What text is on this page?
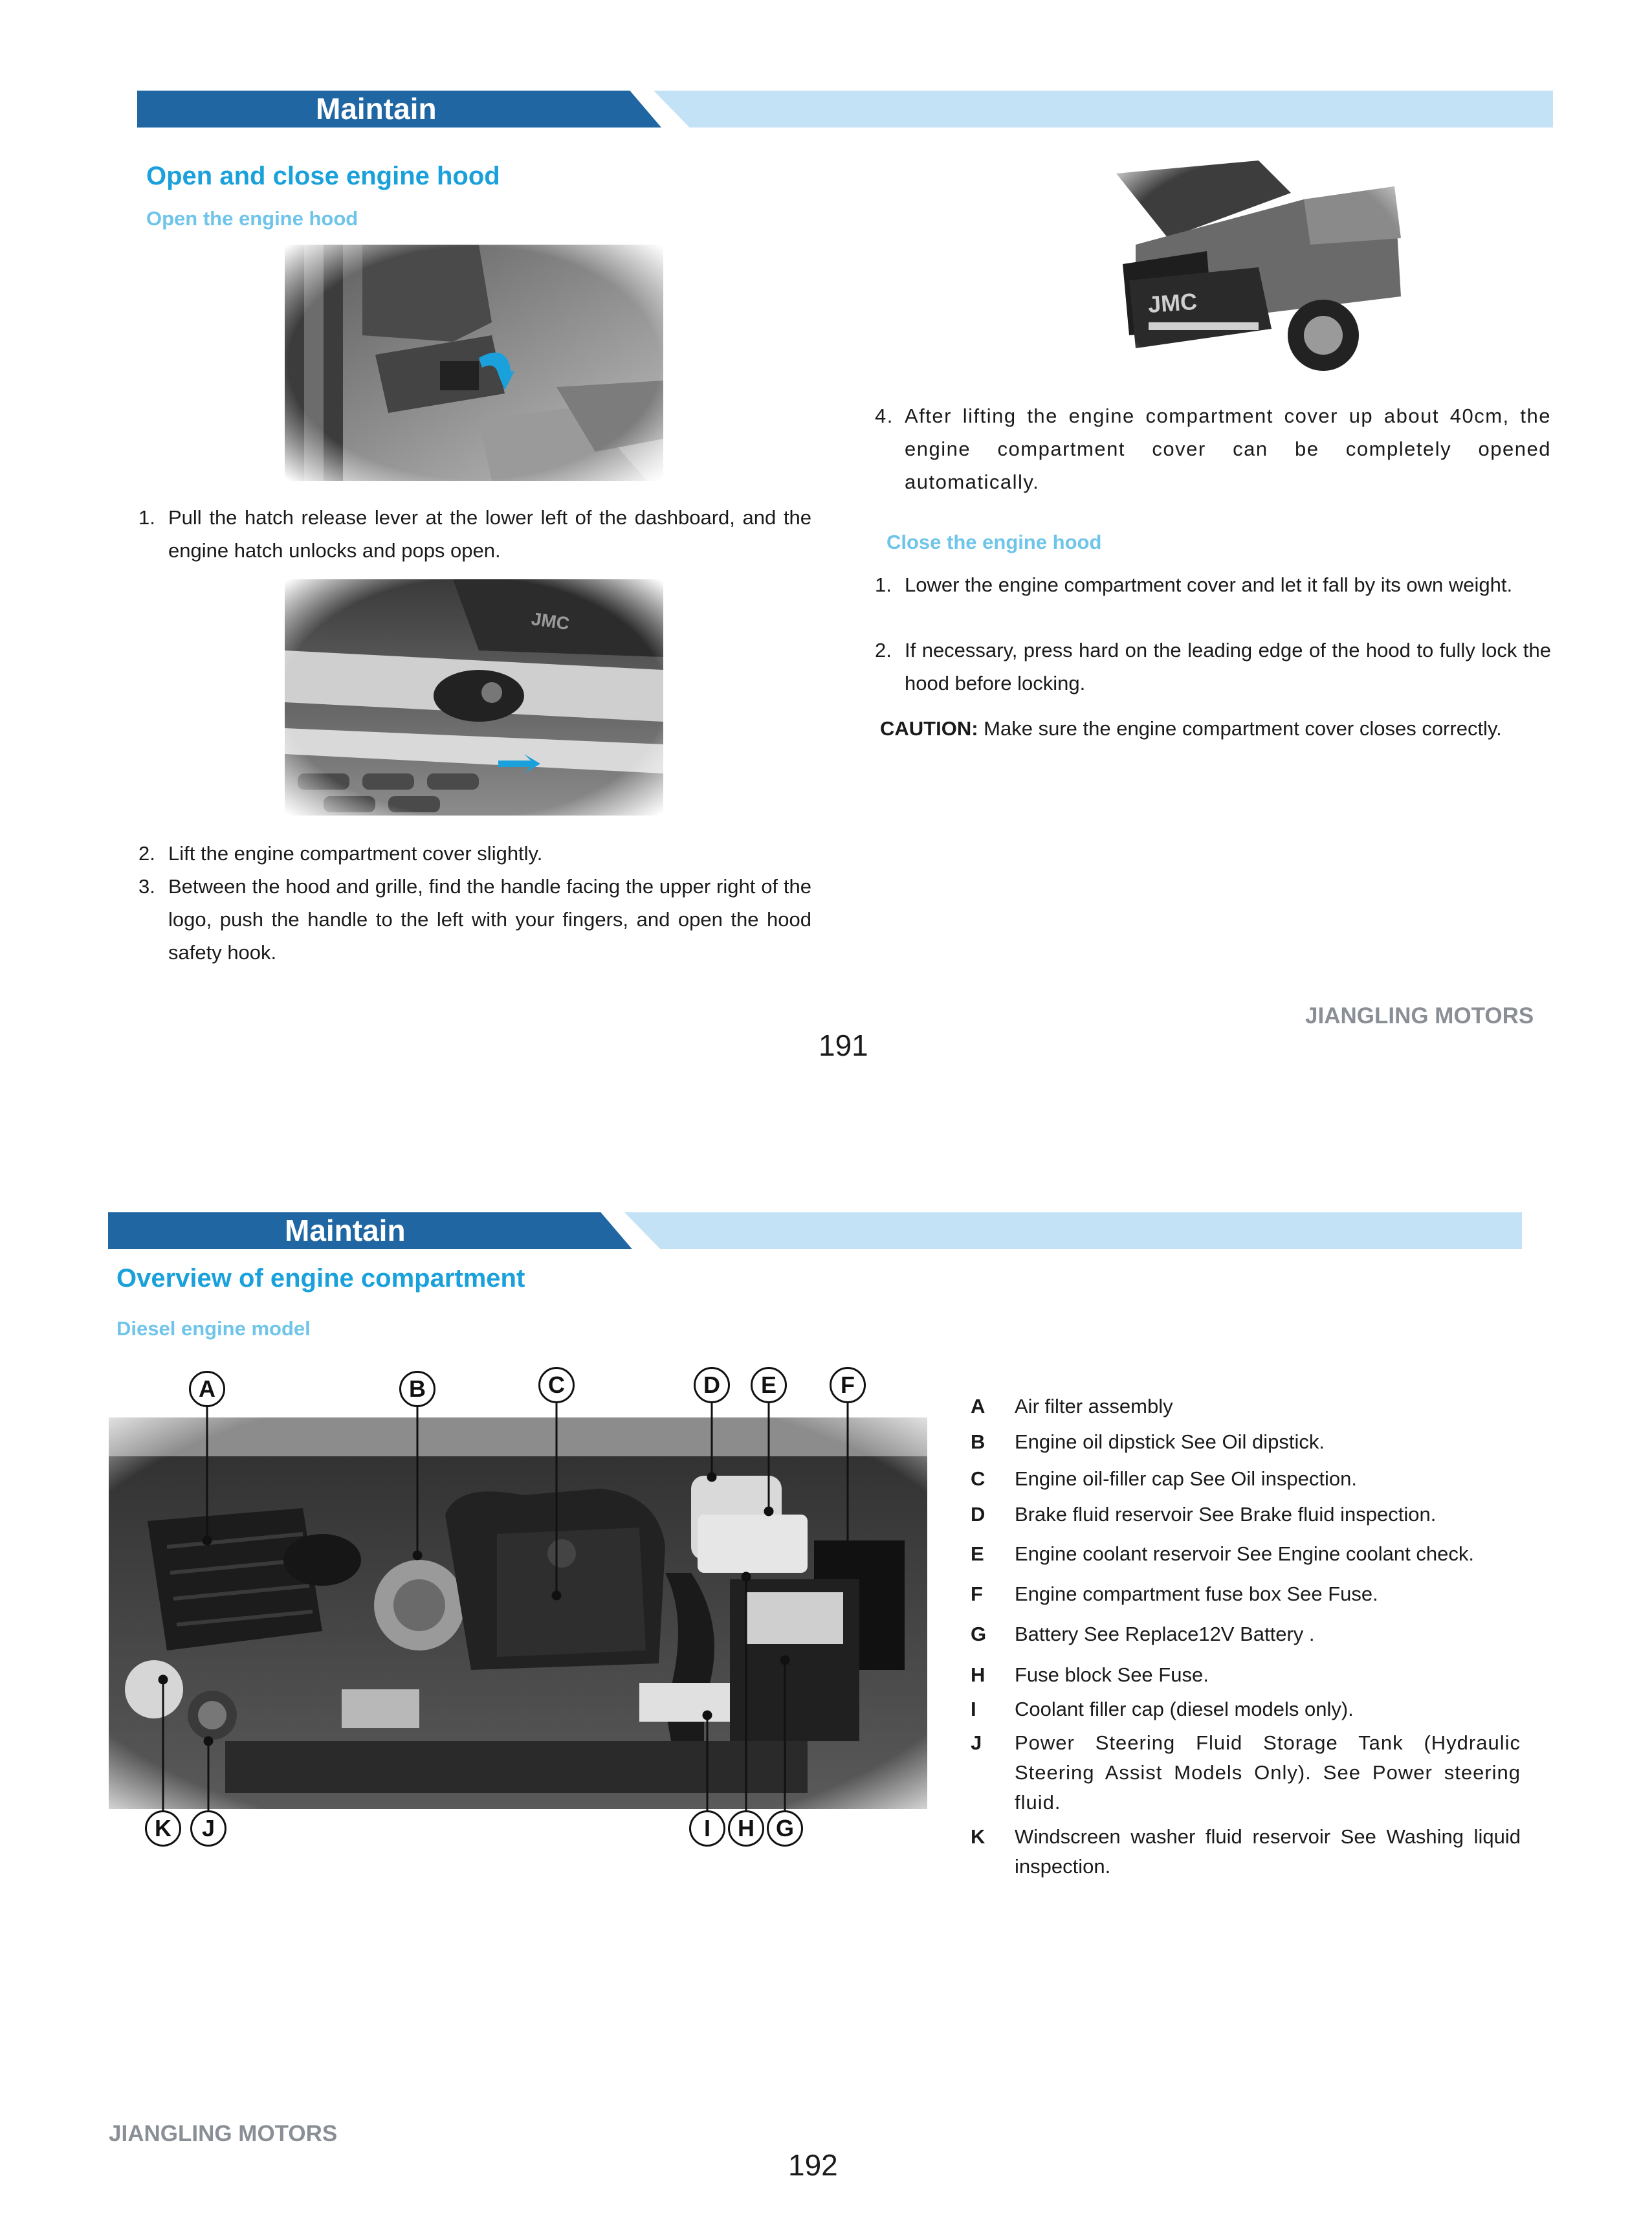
Maintain
Open and close engine hood
Open the engine hood
1. Pull the hatch release lever at the lower left of the dashboard, and the engine hatch unlocks and pops open.
2. Lift the engine compartment cover slightly.
3. Between the hood and grille, find the handle facing the upper right of the logo, push the handle to the left with your fingers, and open the hood safety hook.
4. After lifting the engine compartment cover up about 40cm, the engine compartment cover can be completely opened automatically.
Close the engine hood
1. Lower the engine compartment cover and let it fall by its own weight.
2. If necessary, press hard on the leading edge of the hood to fully lock the hood before locking.
CAUTION: Make sure the engine compartment cover closes correctly.
JIANGLING MOTORS
191
Maintain
Overview of engine compartment
Diesel engine model
A	B	C	D	E	F
K	J	I	H G
A	Air filter assembly
B	Engine oil dipstick See Oil dipstick.
C	Engine oil-filler cap See Oil inspection.
D	Brake fluid reservoir See Brake fluid inspection.
E	Engine coolant reservoir See Engine coolant check.
F	Engine compartment fuse box See Fuse.
G	Battery See Replace12V Battery .
H	Fuse block See Fuse.
I	Coolant filler cap (diesel models only).
J	Power Steering Fluid Storage Tank (Hydraulic Steering Assist Models Only). See Power steering fluid.
K	Windscreen washer fluid reservoir See Washing liquid inspection.
JIANGLING MOTORS
192
